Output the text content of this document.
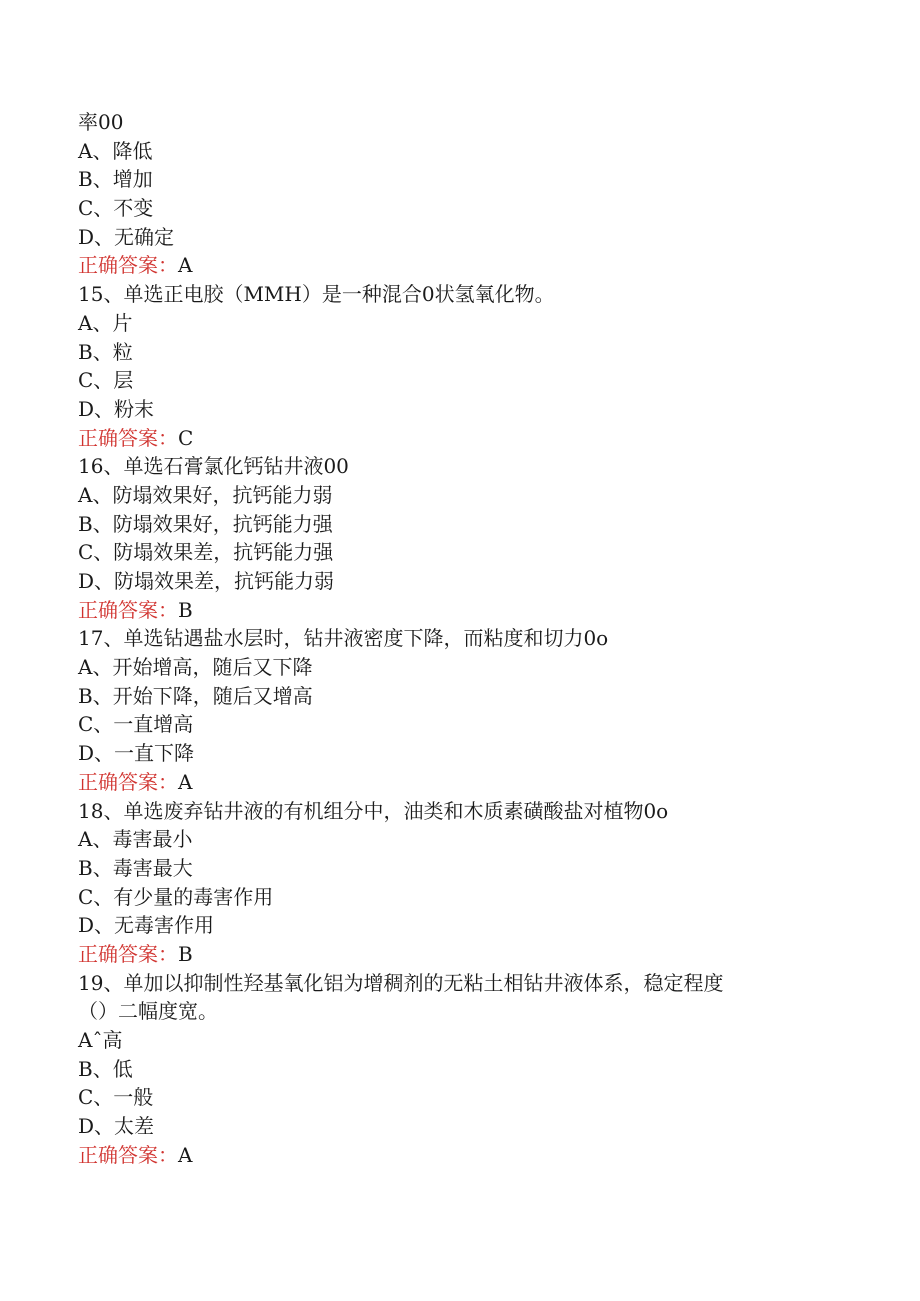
率00
A、降低
B、增加
C、不变
D、无确定
正确答案：A
15、单选正电胶（MMH）是一种混合0状氢氧化物。
A、片
B、粒
C、层
D、粉末
正确答案：C
16、单选石膏氯化钙钻井液00
A、防塌效果好，抗钙能力弱
B、防塌效果好，抗钙能力强
C、防塌效果差，抗钙能力强
D、防塌效果差，抗钙能力弱
正确答案：B
17、单选钻遇盐水层时，钻井液密度下降，而粘度和切力0o
A、开始增高，随后又下降
B、开始下降，随后又增高
C、一直增高
D、一直下降
正确答案：A
18、单选废弃钻井液的有机组分中，油类和木质素磺酸盐对植物0o
A、毒害最小
B、毒害最大
C、有少量的毒害作用
D、无毒害作用
正确答案：B
19、单加以抑制性羟基氧化铝为增稠剂的无粘土相钻井液体系，稳定程度
（）二幅度宽。
Aˆ高
B、低
C、一般
D、太差
正确答案：A
